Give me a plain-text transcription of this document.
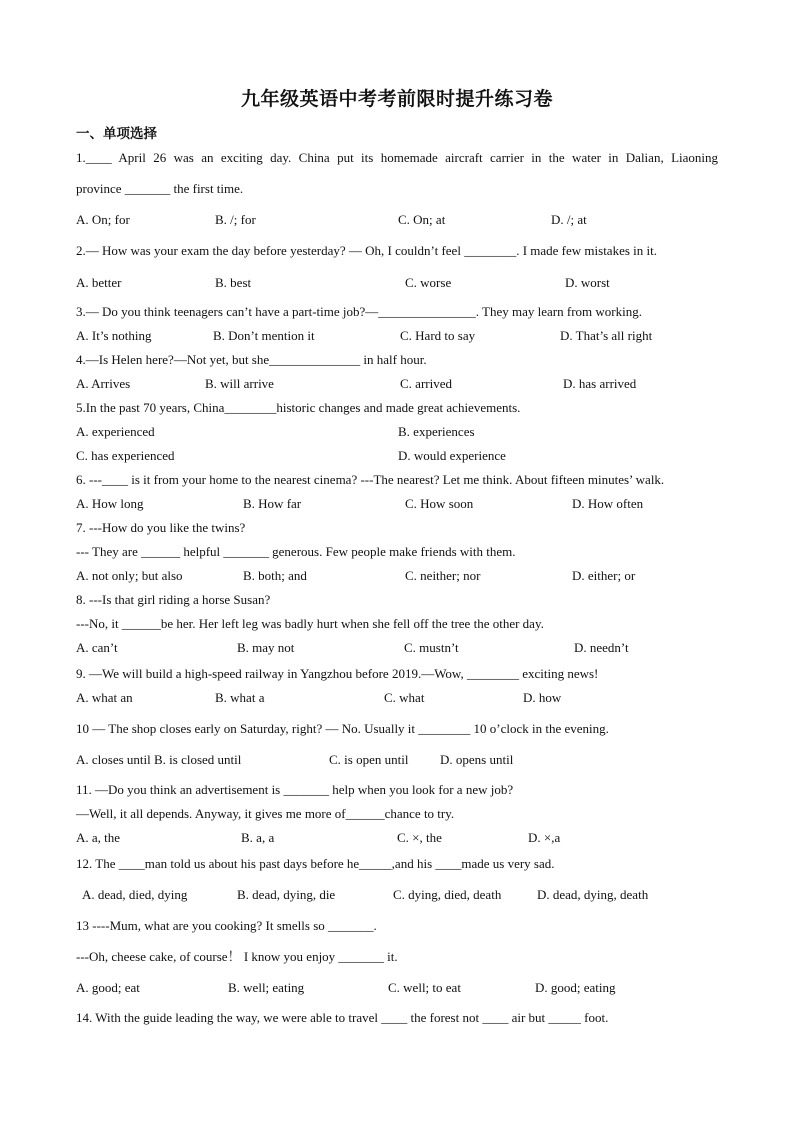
九年级英语中考考前限时提升练习卷
一、单项选择
1.____ April 26 was an exciting day. China put its homemade aircraft carrier in the water in Dalian, Liaoning
province _______ the first time.
A. On; for	B. /; for	C. On; at	D. /; at
2.— How was your exam the day before yesterday? — Oh, I couldn’t feel ________. I made few mistakes in it.
A. better	B. best	C. worse	D. worst
3.— Do you think teenagers can’t have a part-time job?—_______________. They may learn from working.
A. It’s nothing	B. Don’t mention it	C. Hard to say	D. That’s all right
4.—Is Helen here?—Not yet, but she______________ in half hour.
A. Arrives	B. will arrive	C. arrived	D. has arrived
5.In the past 70 years, China________historic changes and made great achievements.
A. experienced	B. experiences
C. has experienced	D. would experience
6. ---____ is it from your home to the nearest cinema? ---The nearest? Let me think. About fifteen minutes’ walk.
A. How long	B. How far	C. How soon	D. How often
7. ---How do you like the twins?
--- They are ______ helpful _______ generous. Few people make friends with them.
A. not only; but also	B. both; and	C. neither; nor	D. either; or
8. ---Is that girl riding a horse Susan?
---No, it ______be her. Her left leg was badly hurt when she fell off the tree the other day.
A. can’t	B. may not	C. mustn’t	D. needn’t
9. —We will build a high-speed railway in Yangzhou before 2019.—Wow, ________ exciting news!
A. what an	B. what a	C. what	D. how
10 — The shop closes early on Saturday, right? — No. Usually it ________ 10 o’clock in the evening.
A. closes until B. is closed until	C. is open until D. opens until
11. —Do you think an advertisement is _______ help when you look for a new job?
—Well, it all depends. Anyway, it gives me more of______chance to try.
A. a, the	B. a, a	C. ×, the	D. ×,a
12. The ____man told us about his past days before he_____,and his ____made us very sad.
A. dead, died, dying	B. dead, dying, die	C. dying, died, death	D. dead, dying, death
13 ----Mum, what are you cooking? It smells so _______.
---Oh, cheese cake, of course！ I know you enjoy _______ it.
A. good; eat	B. well; eating	C. well; to eat	D. good; eating
14. With the guide leading the way, we were able to travel ____ the forest not ____ air but _____ foot.
